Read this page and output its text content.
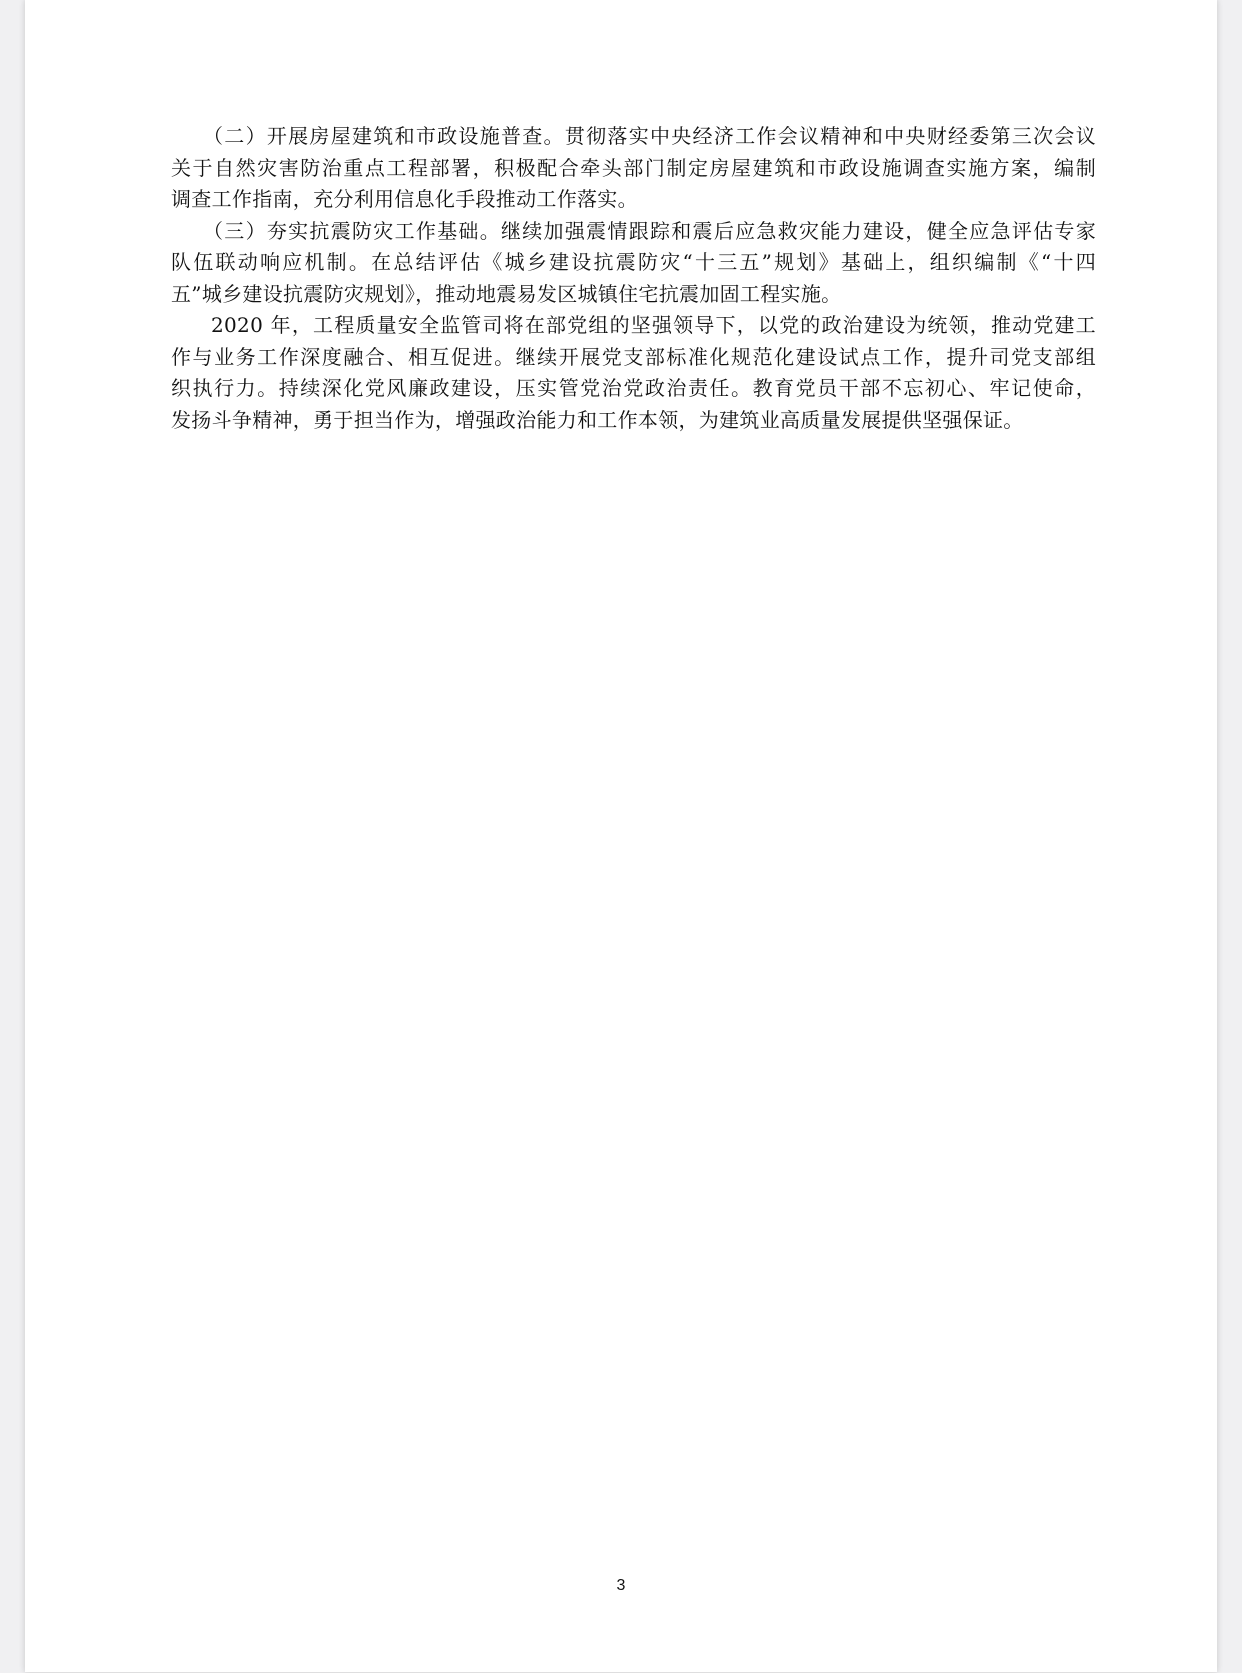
（二）开展房屋建筑和市政设施普查。贯彻落实中央经济工作会议精神和中央财经委第三次会议
关于自然灾害防治重点工程部署，积极配合牵头部门制定房屋建筑和市政设施调查实施方案，编制
调查工作指南，充分利用信息化手段推动工作落实。

（三）夯实抗震防灾工作基础。继续加强震情跟踪和震后应急救灾能力建设，健全应急评估专家
队伍联动响应机制。在总结评估《城乡建设抗震防灾“十三五”规划》基础上，组织编制《“十四
五”城乡建设抗震防灾规划》，推动地震易发区城镇住宅抗震加固工程实施。

2020 年，工程质量安全监管司将在部党组的坚强领导下，以党的政治建设为统领，推动党建工
作与业务工作深度融合、相互促进。继续开展党支部标准化规范化建设试点工作，提升司党支部组
织执行力。持续深化党风廉政建设，压实管党治党政治责任。教育党员干部不忘初心、牢记使命，
发扬斗争精神，勇于担当作为，增强政治能力和工作本领，为建筑业高质量发展提供坚强保证。

3
